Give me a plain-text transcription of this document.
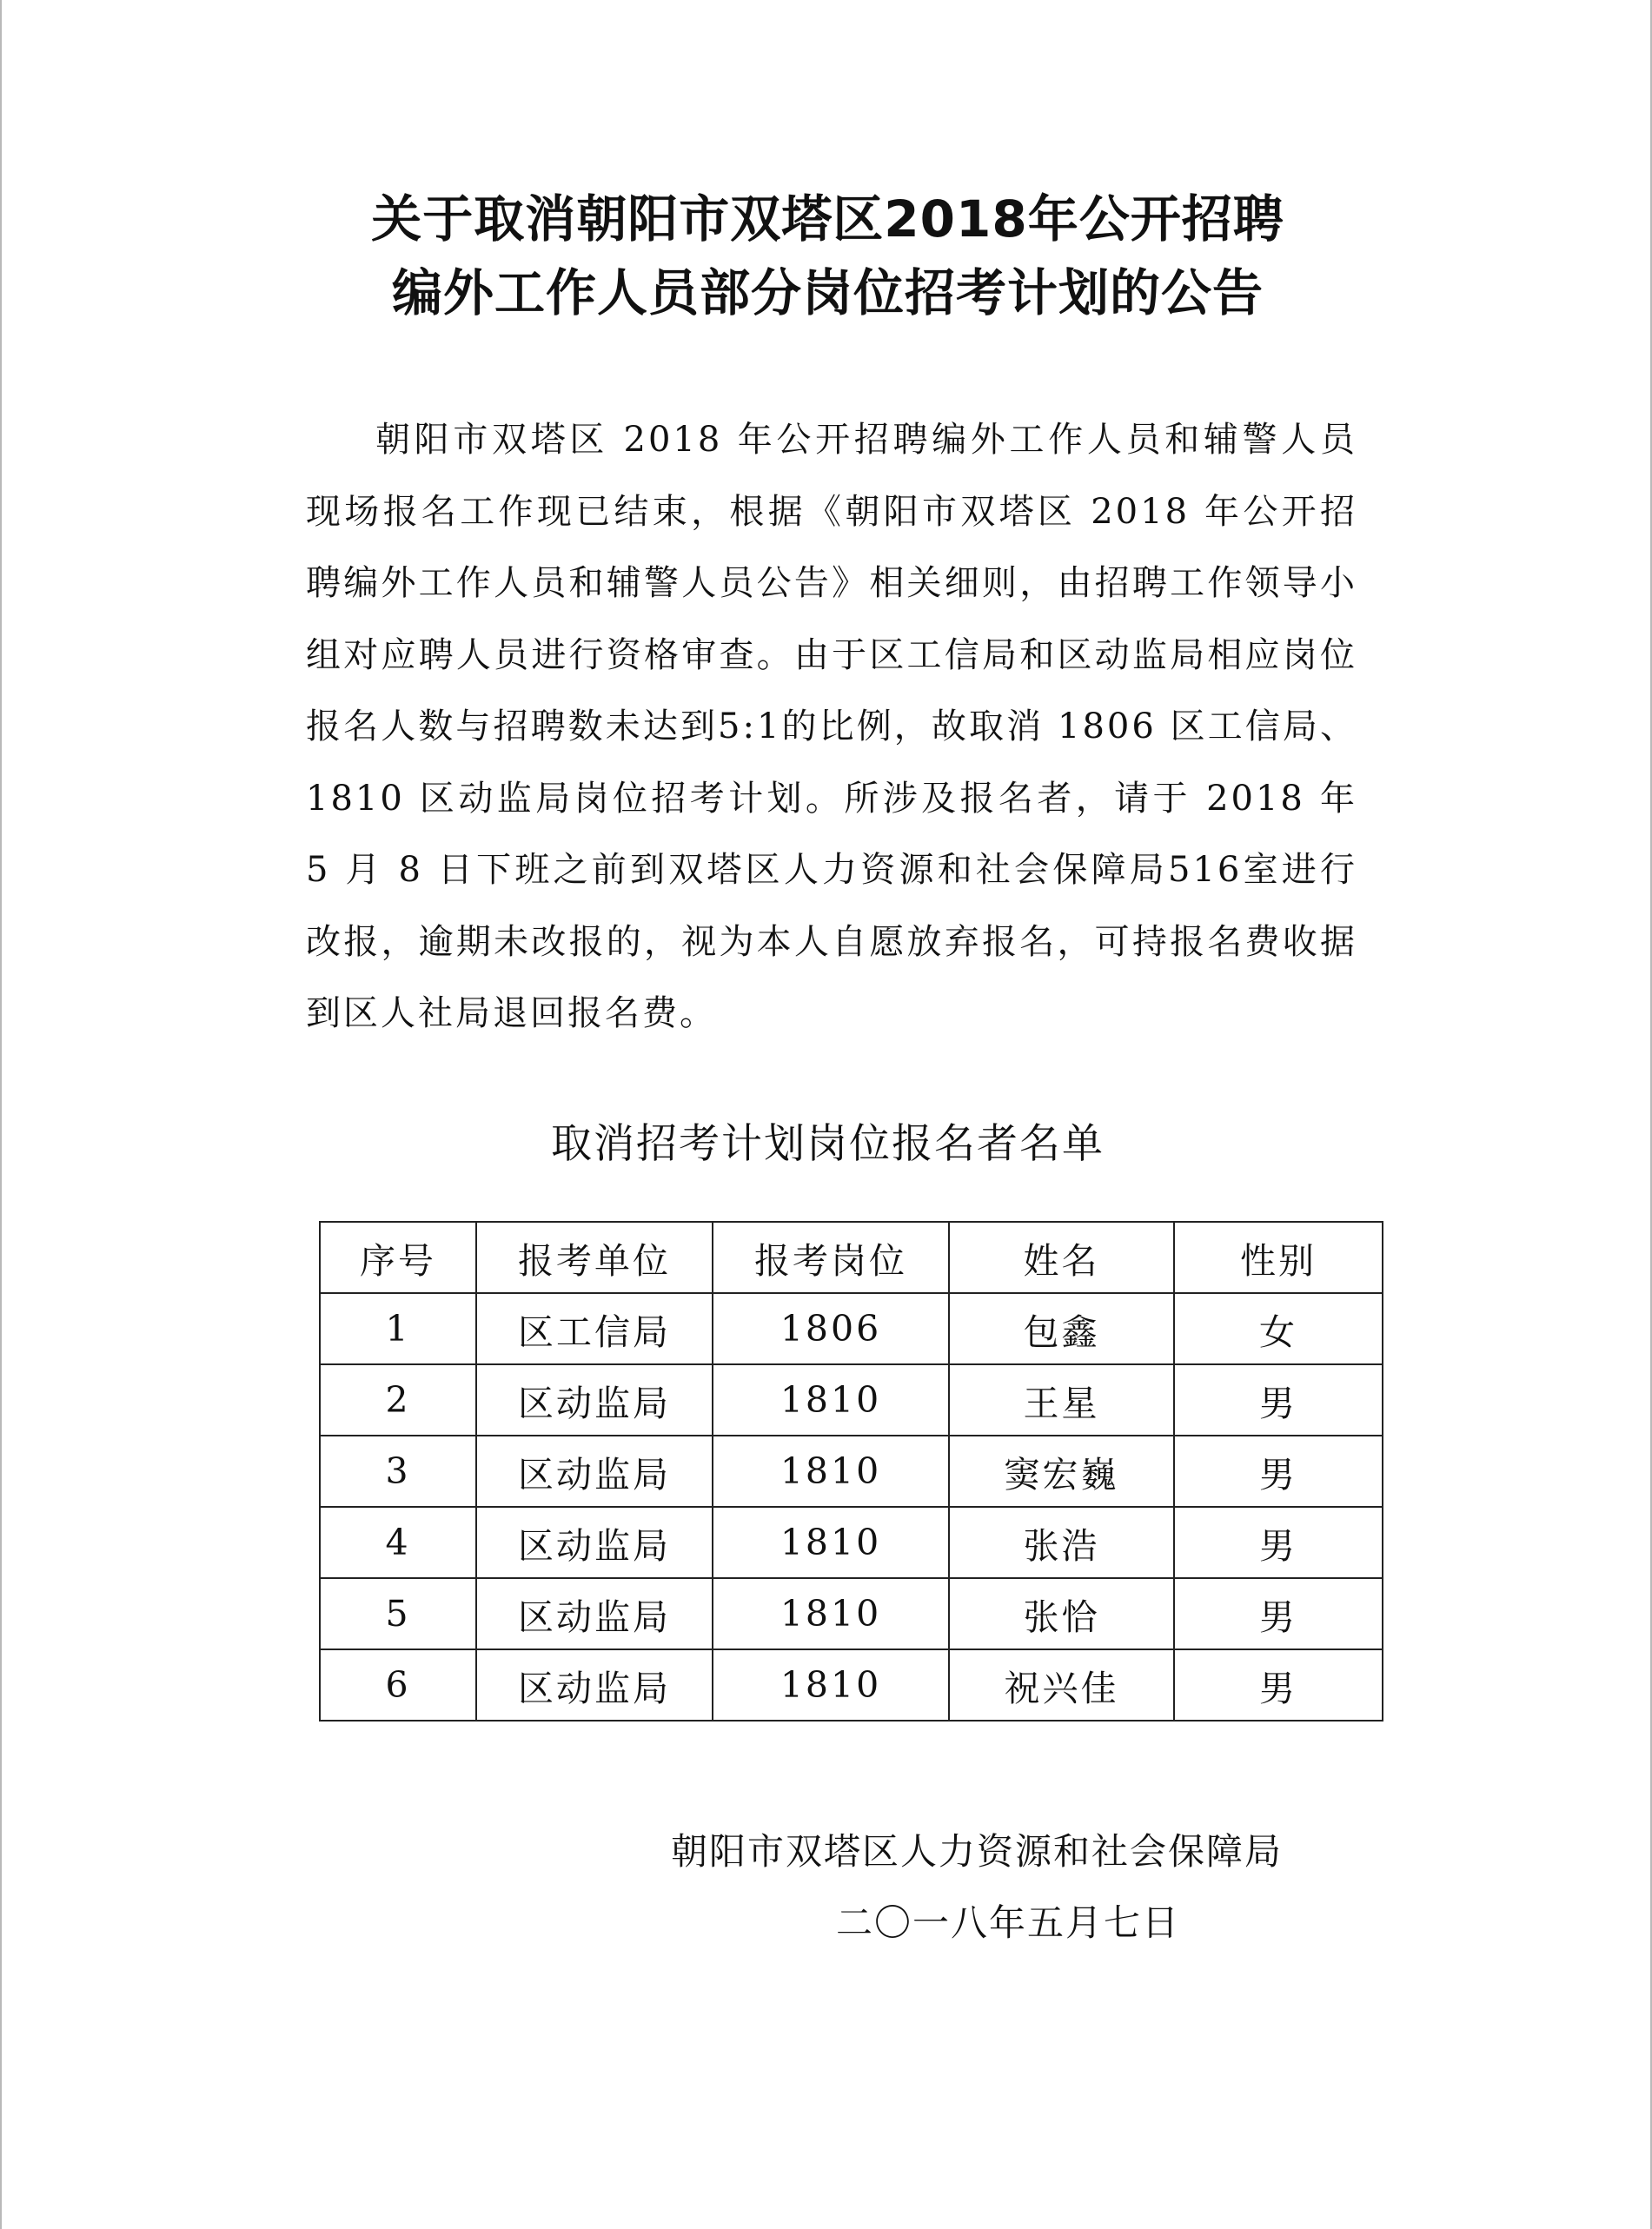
关于取消朝阳市双塔区2018年公开招聘
编外工作人员部分岗位招考计划的公告
朝阳市双塔区 2018 年公开招聘编外工作人员和辅警人员现场报名工作现已结束，根据《朝阳市双塔区 2018 年公开招聘编外工作人员和辅警人员公告》相关细则，由招聘工作领导小组对应聘人员进行资格审查。由于区工信局和区动监局相应岗位报名人数与招聘数未达到5:1的比例，故取消 1806 区工信局、1810 区动监局岗位招考计划。所涉及报名者，请于 2018 年 5 月 8 日下班之前到双塔区人力资源和社会保障局516室进行改报，逾期未改报的，视为本人自愿放弃报名，可持报名费收据到区人社局退回报名费。
取消招考计划岗位报名者名单
序号	报考单位	报考岗位	姓名	性别
1	区工信局	1806	包鑫	女
2	区动监局	1810	王星	男
3	区动监局	1810	窦宏巍	男
4	区动监局	1810	张浩	男
5	区动监局	1810	张恰	男
6	区动监局	1810	祝兴佳	男
朝阳市双塔区人力资源和社会保障局
二〇一八年五月七日
